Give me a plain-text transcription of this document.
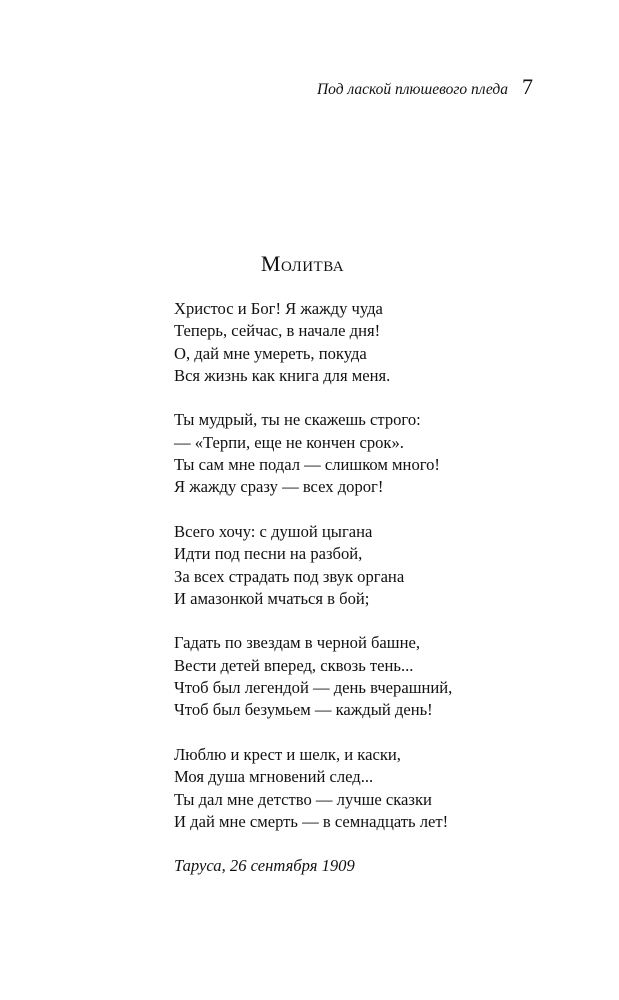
Под лаской плюшевого пледа 7
Молитва
Христос и Бог! Я жажду чуда
Теперь, сейчас, в начале дня!
О, дай мне умереть, покуда
Вся жизнь как книга для меня.
Ты мудрый, ты не скажешь строго:
— «Терпи, еще не кончен срок».
Ты сам мне подал — слишком много!
Я жажду сразу — всех дорог!
Всего хочу: с душой цыгана
Идти под песни на разбой,
За всех страдать под звук органа
И амазонкой мчаться в бой;
Гадать по звездам в черной башне,
Вести детей вперед, сквозь тень...
Чтоб был легендой — день вчерашний,
Чтоб был безумьем — каждый день!
Люблю и крест и шелк, и каски,
Моя душа мгновений след...
Ты дал мне детство — лучше сказки
И дай мне смерть — в семнадцать лет!
Таруса, 26 сентября 1909
